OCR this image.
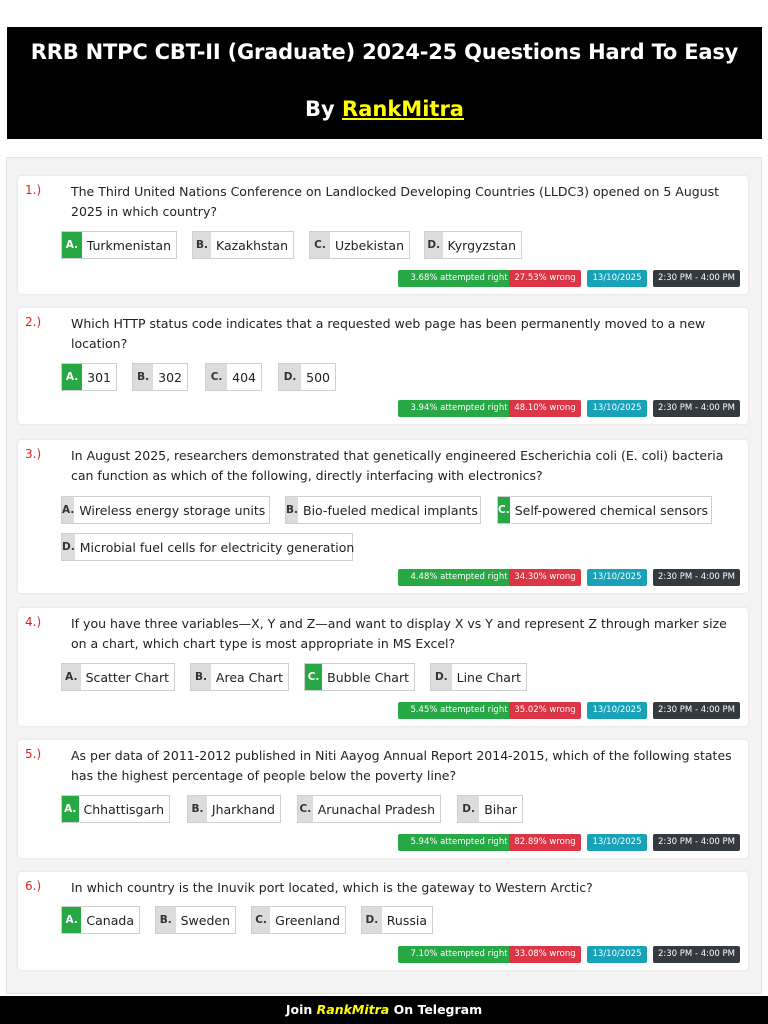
RRB NTPC CBT-II (Graduate) 2024-25 Questions Hard To Easy
By RankMitra
1.) The Third United Nations Conference on Landlocked Developing Countries (LLDC3) opened on 5 August 2025 in which country?
A. Turkmenistan	B. Kazakhstan	C. Uzbekistan	D. Kyrgyzstan
3.68% attempted right 27.53% wrong	13/10/2025	2:30 PM - 4:00 PM
2.) Which HTTP status code indicates that a requested web page has been permanently moved to a new location?
A. 301	B. 302	C. 404	D. 500
3.94% attempted right 48.10% wrong	13/10/2025	2:30 PM - 4:00 PM
3.) In August 2025, researchers demonstrated that genetically engineered Escherichia coli (E. coli) bacteria can function as which of the following, directly interfacing with electronics?
A. Wireless energy storage units	B. Bio-fueled medical implants	C. Self-powered chemical sensors
D. Microbial fuel cells for electricity generation
4.48% attempted right 34.30% wrong	13/10/2025	2:30 PM - 4:00 PM
4.) If you have three variables—X, Y and Z—and want to display X vs Y and represent Z through marker size on a chart, which chart type is most appropriate in MS Excel?
A. Scatter Chart	B. Area Chart	C. Bubble Chart	D. Line Chart
5.45% attempted right 35.02% wrong	13/10/2025	2:30 PM - 4:00 PM
5.) As per data of 2011-2012 published in Niti Aayog Annual Report 2014-2015, which of the following states has the highest percentage of people below the poverty line?
A. Chhattisgarh	B. Jharkhand	C. Arunachal Pradesh	D. Bihar
5.94% attempted right 82.89% wrong	13/10/2025	2:30 PM - 4:00 PM
6.) In which country is the Inuvik port located, which is the gateway to Western Arctic?
A. Canada	B. Sweden	C. Greenland	D. Russia
7.10% attempted right 33.08% wrong	13/10/2025	2:30 PM - 4:00 PM
Join RankMitra On Telegram
